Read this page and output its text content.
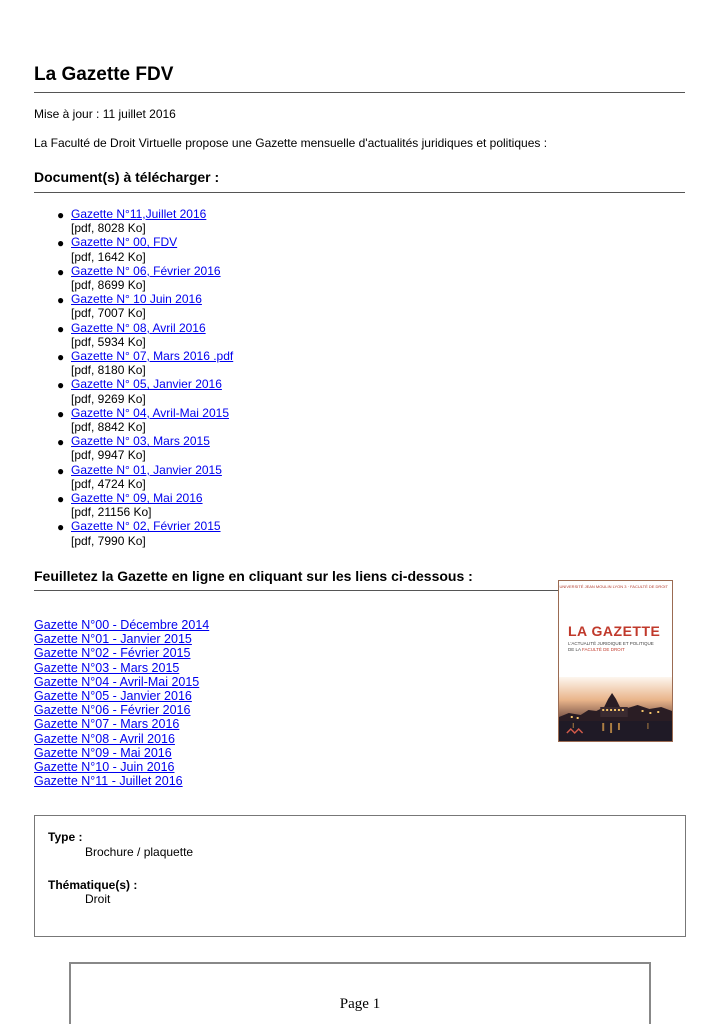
La Gazette FDV

Mise à jour : 11 juillet 2016

La Faculté de Droit Virtuelle propose une Gazette mensuelle d'actualités juridiques et politiques :

Document(s) à télécharger :
● Gazette N°11,Juillet 2016
[pdf, 8028 Ko]
● Gazette N° 00, FDV
[pdf, 1642 Ko]
● Gazette N° 06, Février 2016
[pdf, 8699 Ko]
● Gazette N° 10 Juin 2016
[pdf, 7007 Ko]
● Gazette N° 08, Avril 2016
[pdf, 5934 Ko]
● Gazette N° 07, Mars 2016 .pdf
[pdf, 8180 Ko]
● Gazette N° 05, Janvier 2016
[pdf, 9269 Ko]
● Gazette N° 04, Avril-Mai 2015
[pdf, 8842 Ko]
● Gazette N° 03, Mars 2015
[pdf, 9947 Ko]
● Gazette N° 01, Janvier 2015
[pdf, 4724 Ko]
● Gazette N° 09, Mai 2016
[pdf, 21156 Ko]
● Gazette N° 02, Février 2015
[pdf, 7990 Ko]
Feuilletez la Gazette en ligne en cliquant sur les liens ci-dessous :
Gazette N°00 - Décembre 2014
Gazette N°01 - Janvier 2015
Gazette N°02 - Février 2015
Gazette N°03 - Mars 2015
Gazette N°04 - Avril-Mai 2015
Gazette N°05 - Janvier 2016
Gazette N°06 - Février 2016
Gazette N°07 - Mars 2016
Gazette N°08 - Avril 2016
Gazette N°09 - Mai 2016
Gazette N°10 - Juin 2016
Gazette N°11 - Juillet 2016
UNIVERSITÉ JEAN MOULIN LYON 3 · FACULTÉ DE DROIT
LA GAZETTE
L'ACTUALITÉ JURIDIQUE ET POLITIQUE
DE LA FACULTÉ DE DROIT
Type :
Brochure / plaquette
Thématique(s) :
Droit
Page 1
